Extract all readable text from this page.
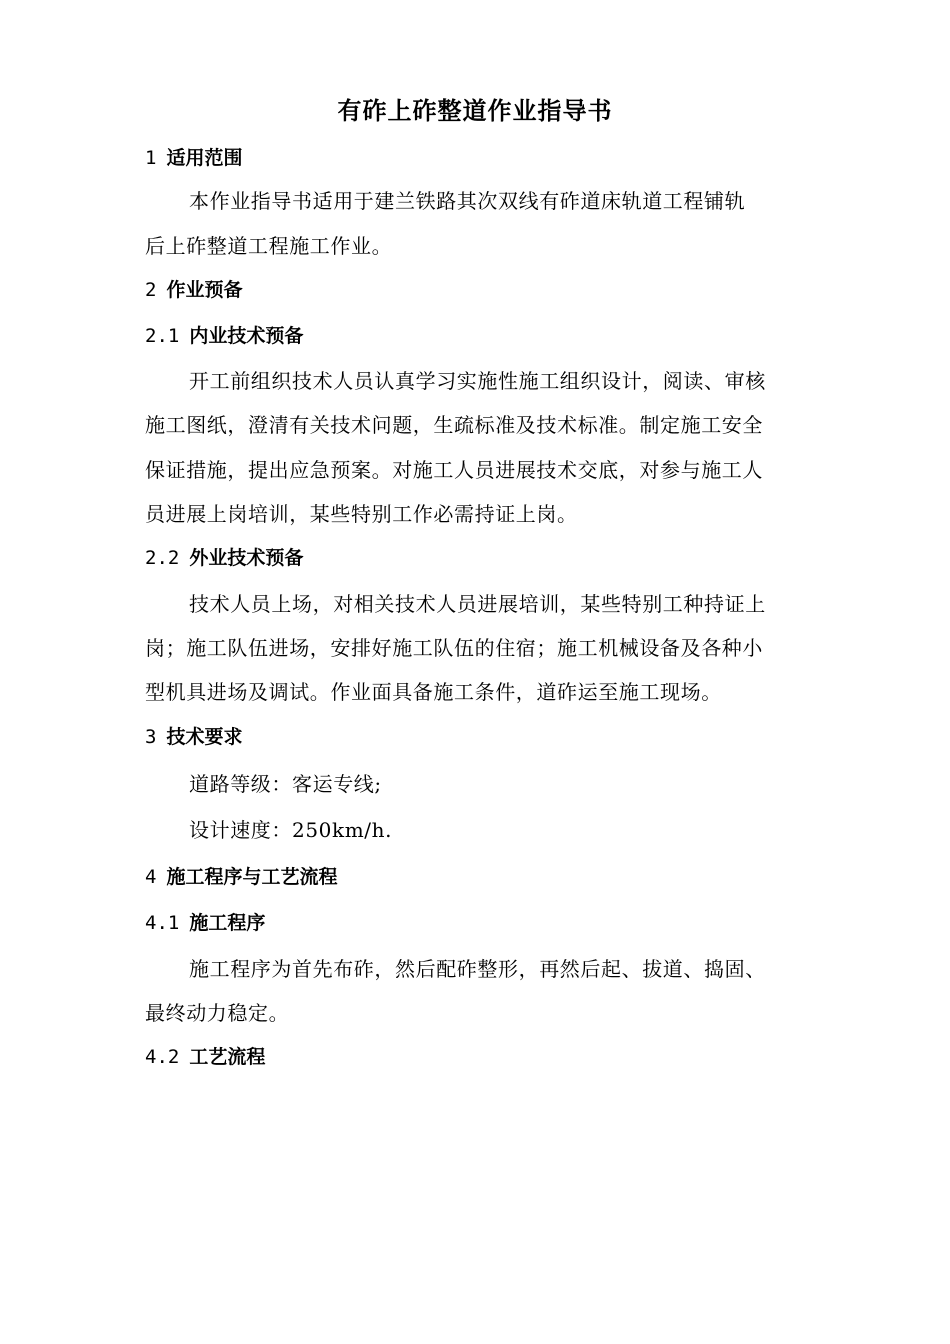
有砟上砟整道作业指导书
1 适用范围
本作业指导书适用于建兰铁路其次双线有砟道床轨道工程铺轨
后上砟整道工程施工作业。
2 作业预备
2.1 内业技术预备
开工前组织技术人员认真学习实施性施工组织设计，阅读、审核
施工图纸，澄清有关技术问题，生疏标准及技术标准。制定施工安全
保证措施，提出应急预案。对施工人员进展技术交底，对参与施工人
员进展上岗培训，某些特别工作必需持证上岗。
2.2 外业技术预备
技术人员上场，对相关技术人员进展培训，某些特别工种持证上
岗；施工队伍进场，安排好施工队伍的住宿；施工机械设备及各种小
型机具进场及调试。作业面具备施工条件，道砟运至施工现场。
3 技术要求
道路等级：客运专线;
设计速度：250km/h.
4 施工程序与工艺流程
4.1 施工程序
施工程序为首先布砟，然后配砟整形，再然后起、拔道、捣固、
最终动力稳定。
4.2 工艺流程
